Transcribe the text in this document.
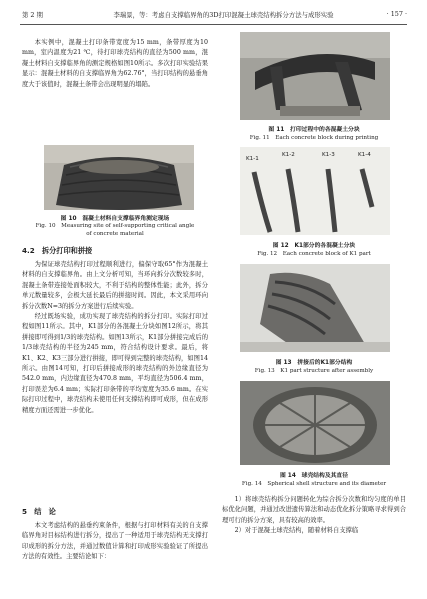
第 2 期	李瑞景，等：考虑自支撑临界角的3D打印混凝土球壳结构拆分方法与成形实验	· 157 ·

本实例中，混凝土打印条带宽度为15 mm，条带厚度为10 mm，室内温度为21 ℃，待打印球壳结构的直径为500 mm，混凝土材料自支撑临界角的测定规格如图10所示。多次打印实验结果显示：混凝土材料的自支撑临界角为62.76°，当打印结构的悬垂角度大于该值时，混凝土条带会出现明显的塌陷。

图 10　混凝土材料自支撑临界角测定现场
Fig. 10　Measuring site of self-supporting critical angle
of concrete material
4.2　拆分打印和拼接

为保证球壳结构打印过程顺利进行，偏保守取65°作为混凝土材料的自支撑临界角。由上文分析可知，当环向拆分次数较多时，混凝土条带连接处面积较大，不利于结构的整体性能；此外，拆分单元数量较多，会极大延长最后的拼接时间。因此，本文采用环向拆分次数N=3的拆分方案进行后续实验。

经过既场实验，成功实现了球壳结构的拆分打印。实际打印过程如图11所示。其中，K1部分的各混凝土分块如图12所示，将其拼接即可得到1/3的球壳结构。如图13所示，K1部分拼接完成后的1/3球壳结构的半径为245 mm，符合结构设计要求。最后，将K1、K2、K3三部分进行拼接，即可得到完整的球壳结构，如图14所示。由图14可知，打印后拼接成形的球壳结构的外边缘直径为542.0 mm，内边缘直径为470.8 mm，平均直径为506.4 mm，打印误差为6.4 mm；实际打印条带的平均宽度为35.6 mm。在实际打印过程中，球壳结构未使用任何支撑结构即可成形，但在成形精度方面还需进一步优化。

5　结　论

本文考虑结构的悬垂约束条件，根据与打印材料有关的自支撑临界角对目标结构进行拆分，提出了一种适用于球壳结构无支撑打印成形的拆分方法，并通过数值计算和打印成形实验验证了所提出方法的有效性。主要结论如下：

图 11　打印过程中的各混凝土分块
Fig. 11　Each concrete block during printing
K1-1
K1-2	K1-3	K1-4
图 12　K1部分的各混凝土分块
Fig. 12　Each concrete block of K1 part
图 13　拼接后的K1部分结构
Fig. 13　K1 part structure after assembly
图 14　球壳结构及其直径
Fig. 14　Spherical shell structure and its diameter

1）将球壳结构拆分问题转化为综合拆分次数和均匀度的单目标优化问题，并通过改进遗传算法和动态优化拆分策略寻求得到合理可行的拆分方案，具有较高的效率。

2）对于混凝土球壳结构，随着材料自支撑临
